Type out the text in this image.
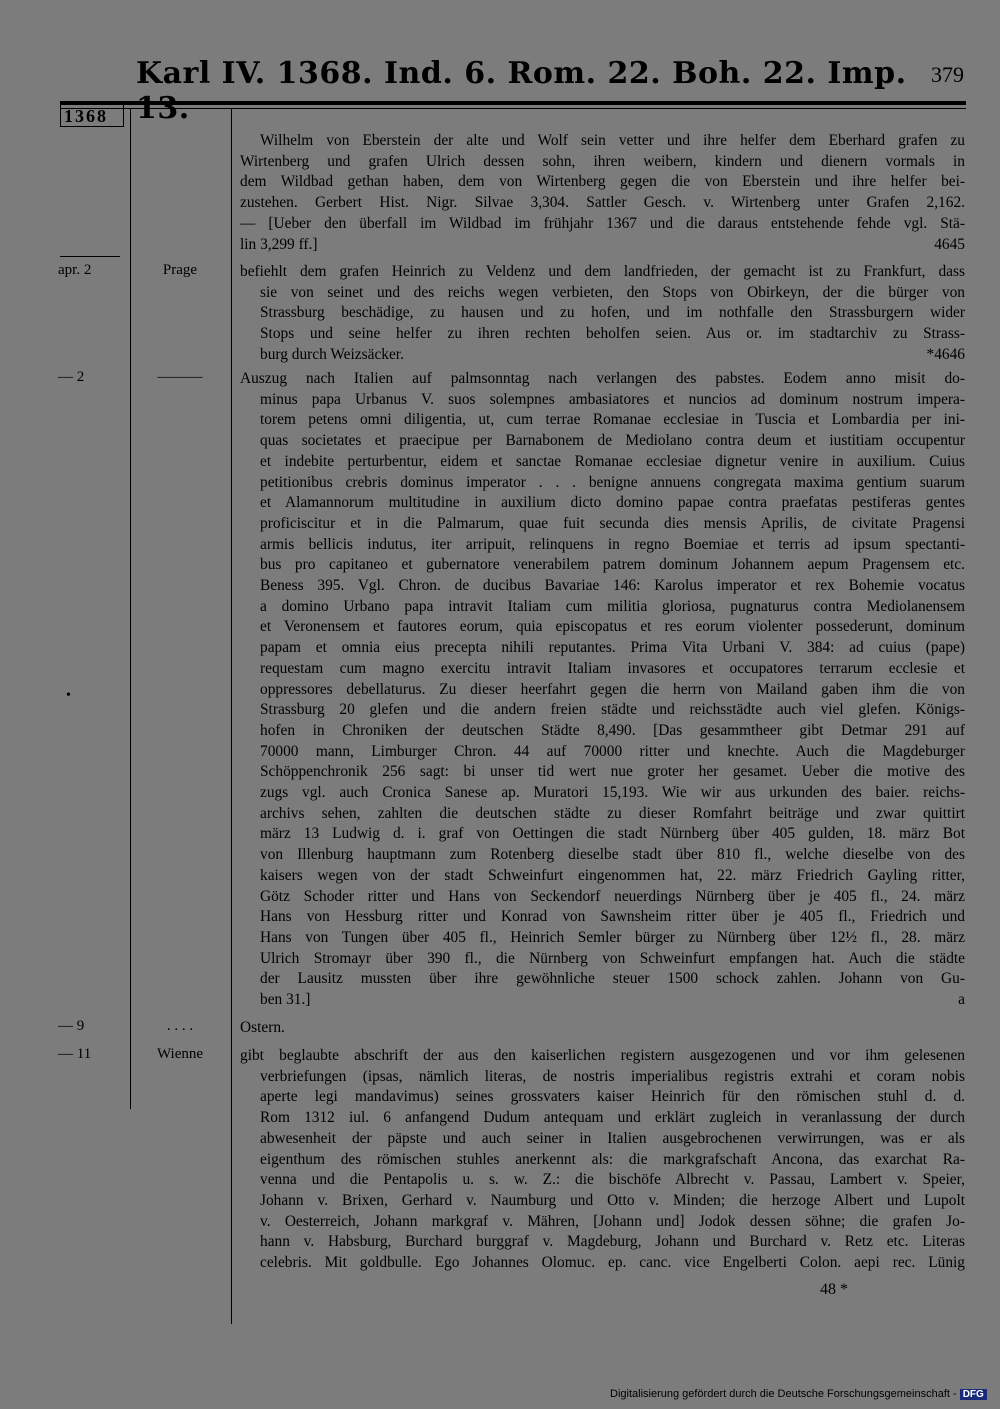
Karl IV. 1368. Ind. 6. Rom. 22. Boh. 22. Imp.	379
1368
Wilhelm von Eberstein der alte und Wolf sein vetter und ihre helfer dem Eberhard grafen zu
Wirtenberg und grafen Ulrich dessen sohn, ihren weibern, kindern und dienern vormals in
dem Wildbad gethan haben, dem von Wirtenberg gegen die von Eberstein und ihre helfer bei-
zustehen. Gerbert Hist. Nigr. Silvae 3,304. Sattler Gesch. v. Wirtenberg unter Grafen 2,162.
— [Ueber den überfall im Wildbad im frühjahr 1367 und die daraus entstehende fehde vgl. Stä-
lin 3,299 ff.]	4645
apr. 2	Prage	befiehlt dem grafen Heinrich zu Veldenz und dem landfrieden, der gemacht ist zu Frankfurt, dass
sie von seinet und des reichs wegen verbieten, den Stops von Obirkeyn, der die bürger von
Strassburg beschädige, zu hausen und zu hofen, und im nothfalle den Strassburgern wider
Stops und seine helfer zu ihren rechten beholfen seien. Aus or. im stadtarchiv zu Strass-
burg durch Weizsäcker.	*4646
— 2	———
•
Auszug nach Italien auf palmsonntag nach verlangen des pabstes. Eodem anno misit do-
minus papa Urbanus V. suos solempnes ambasiatores et nuncios ad dominum nostrum impera-
torem petens omni diligentia, ut, cum terrae Romanae ecclesiae in Tuscia et Lombardia per ini-
quas societates et praecipue per Barnabonem de Mediolano contra deum et iustitiam occupentur
et indebite perturbentur, eidem et sanctae Romanae ecclesiae dignetur venire in auxilium. Cuius
petitionibus crebris dominus imperator . . . benigne annuens congregata maxima gentium suarum
et Alamannorum multitudine in auxilium dicto domino papae contra praefatas pestiferas gentes
proficiscitur et in die Palmarum, quae fuit secunda dies mensis Aprilis, de civitate Pragensi
armis bellicis indutus, iter arripuit, relinquens in regno Boemiae et terris ad ipsum spectanti-
bus pro capitaneo et gubernatore venerabilem patrem dominum Johannem aepum Pragensem etc.
Beness 395. Vgl. Chron. de ducibus Bavariae 146: Karolus imperator et rex Bohemie vocatus
a domino Urbano papa intravit Italiam cum militia gloriosa, pugnaturus contra Mediolanensem
et Veronensem et fautores eorum, quia episcopatus et res eorum violenter possederunt, dominum
papam et omnia eius precepta nihili reputantes. Prima Vita Urbani V. 384: ad cuius (pape)
requestam cum magno exercitu intravit Italiam invasores et occupatores terrarum ecclesie et
oppressores debellaturus. Zu dieser heerfahrt gegen die herrn von Mailand gaben ihm die von
Strassburg 20 glefen und die andern freien städte und reichsstädte auch viel glefen. Königs-
hofen in Chroniken der deutschen Städte 8,490. [Das gesammtheer gibt Detmar 291 auf
70000 mann, Limburger Chron. 44 auf 70000 ritter und knechte. Auch die Magdeburger
Schöppenchronik 256 sagt: bi unser tid wert nue groter her gesamet. Ueber die motive des
zugs vgl. auch Cronica Sanese ap. Muratori 15,193. Wie wir aus urkunden des baier. reichs-
archivs sehen, zahlten die deutschen städte zu dieser Romfahrt beiträge und zwar quittirt
märz 13 Ludwig d. i. graf von Oettingen die stadt Nürnberg über 405 gulden, 18. märz Bot
von Illenburg hauptmann zum Rotenberg dieselbe stadt über 810 fl., welche dieselbe von des
kaisers wegen von der stadt Schweinfurt eingenommen hat, 22. märz Friedrich Gayling ritter,
Götz Schoder ritter und Hans von Seckendorf neuerdings Nürnberg über je 405 fl., 24. märz
Hans von Hessburg ritter und Konrad von Sawnsheim ritter über je 405 fl., Friedrich und
Hans von Tungen über 405 fl., Heinrich Semler bürger zu Nürnberg über 12½ fl., 28. märz
Ulrich Stromayr über 390 fl., die Nürnberg von Schweinfurt empfangen hat. Auch die städte
der Lausitz mussten über ihre gewöhnliche steuer 1500 schock zahlen. Johann von Gu-
ben 31.]	a
— 9	. . . .	Ostern.
— 11	Wienne	gibt beglaubte abschrift der aus den kaiserlichen registern ausgezogenen und vor ihm gelesenen
verbriefungen (ipsas, nämlich literas, de nostris imperialibus registris extrahi et coram nobis
aperte legi mandavimus) seines grossvaters kaiser Heinrich für den römischen stuhl d. d.
Rom 1312 iul. 6 anfangend Dudum antequam und erklärt zugleich in veranlassung der durch
abwesenheit der päpste und auch seiner in Italien ausgebrochenen verwirrungen, was er als
eigenthum des römischen stuhles anerkennt als: die markgrafschaft Ancona, das exarchat Ra-
venna und die Pentapolis u. s. w. Z.: die bischöfe Albrecht v. Passau, Lambert v. Speier,
Johann v. Brixen, Gerhard v. Naumburg und Otto v. Minden; die herzoge Albert und Lupolt
v. Oesterreich, Johann markgraf v. Mähren, [Johann und] Jodok dessen söhne; die grafen Jo-
hann v. Habsburg, Burchard burggraf v. Magdeburg, Johann und Burchard v. Retz etc. Literas
celebris. Mit goldbulle. Ego Johannes Olomuc. ep. canc. vice Engelberti Colon. aepi rec. Lünig
48 *
Digitalisierung gefördert durch die Deutsche Forschungsgemeinschaft - DFG
